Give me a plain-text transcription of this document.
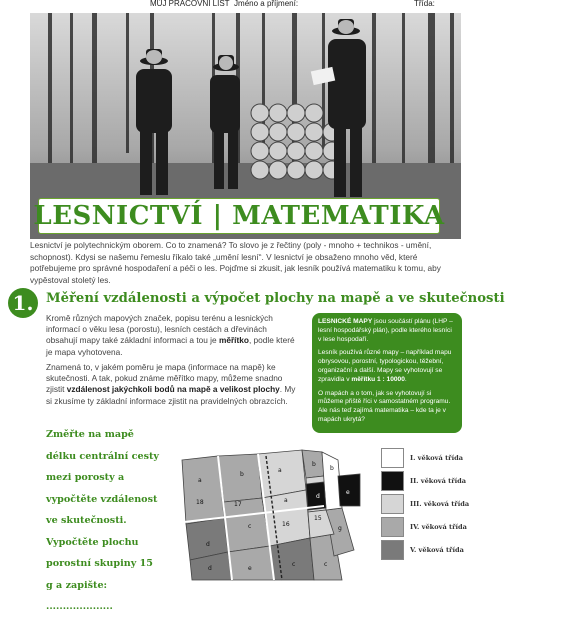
MŮJ PRACOVNÍ LIST Jméno a příjmení:	Třída:
LESNICTVÍ | MATEMATIKA

Lesnictví je polytechnickým oborem. Co to znamená? To slovo je z řečtiny (poly - mnoho + technikos - umění, schopnost). Kdysi se našemu řemeslu říkalo také „umění lesní“. V lesnictví je obsaženo mnoho věd, které potřebujeme pro správné hospodaření a péči o les. Pojďme si zkusit, jak lesník používá matematiku k tomu, aby vypěstoval stoletý les.

1. Měření vzdálenosti a výpočet plochy na mapě a ve skutečnosti

Kromě různých mapových značek, popisu terénu a lesnických informací o věku lesa (porostu), lesních cestách a dřevinách obsahují mapy také základní informaci a tou je měřítko, podle které je mapa vyhotovena.

Znamená to, v jakém poměru je mapa (informace na mapě) ke skutečnosti. A tak, pokud známe měřítko mapy, můžeme snadno zjistit vzdálenost jakýchkoli bodů na mapě a velikost plochy. My si zkusíme ty základní informace zjistit na pravidelných obrazcích.

LESNICKÉ MAPY jsou součástí plánu (LHP – lesní hospodářský plán), podle kterého lesníci v lese hospodaří.

Lesník používá různé mapy – například mapu obrysovou, porostní, typologickou, těžební, organizační a další. Mapy se vyhotovují se zpravidla v měřítku 1 : 10000.

O mapách a o tom, jak se vyhotovují si můžeme přiště říci v samostatném programu. Ale nás teď zajímá matematika – kde ta je v mapách ukrytá?

Změřte na mapě délku centrální cesty mezi porosty a vypočtěte vzdálenost ve skutečnosti. Vypočtěte plochu porostní skupiny 15 g a zapište: ....................

a
b
18	17
16
15
e
a
b
a
c
d
d	e
b
c	c
g
d
I. věková třída
II. věková třída
III. věková třída
IV. věková třída
V. věková třída
